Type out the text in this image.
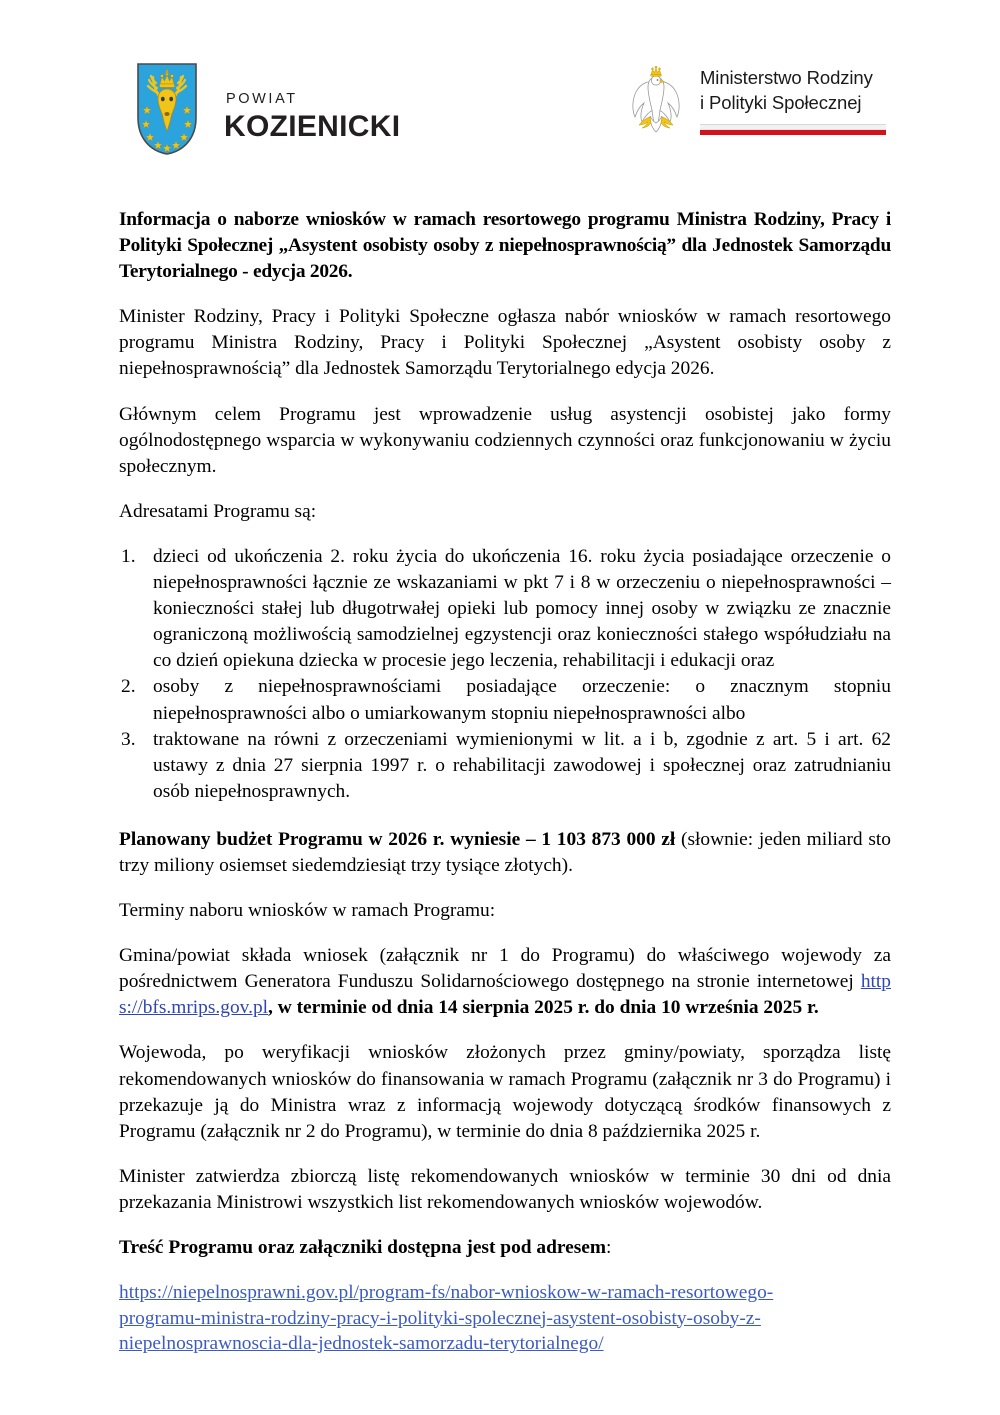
POWIAT
KOZIENICKI
Ministerstwo Rodziny
i Polityki Społecznej

Informacja o naborze wniosków w ramach resortowego programu Ministra Rodziny, Pracy i Polityki Społecznej „Asystent osobisty osoby z niepełnosprawnością” dla Jednostek Samorządu Terytorialnego - edycja 2026.

Minister Rodziny, Pracy i Polityki Społeczne ogłasza nabór wniosków w ramach resortowego programu Ministra Rodziny, Pracy i Polityki Społecznej „Asystent osobisty osoby z niepełnosprawnością” dla Jednostek Samorządu Terytorialnego edycja 2026.

Głównym celem Programu jest wprowadzenie usług asystencji osobistej jako formy ogólnodostępnego wsparcia w wykonywaniu codziennych czynności oraz funkcjonowaniu w życiu społecznym.

Adresatami Programu są:

dzieci od ukończenia 2. roku życia do ukończenia 16. roku życia posiadające orzeczenie o niepełnosprawności łącznie ze wskazaniami w pkt 7 i 8 w orzeczeniu o niepełnosprawności – konieczności stałej lub długotrwałej opieki lub pomocy innej osoby w związku ze znacznie ograniczoną możliwością samodzielnej egzystencji oraz konieczności stałego współudziału na co dzień opiekuna dziecka w procesie jego leczenia, rehabilitacji i edukacji oraz
osoby z niepełnosprawnościami posiadające orzeczenie: o znacznym stopniu niepełnosprawności albo o umiarkowanym stopniu niepełnosprawności albo
traktowane na równi z orzeczeniami wymienionymi w lit. a i b, zgodnie z art. 5 i art. 62 ustawy z dnia 27 sierpnia 1997 r. o rehabilitacji zawodowej i społecznej oraz zatrudnianiu osób niepełnosprawnych.

Planowany budżet Programu w 2026 r. wyniesie – 1 103 873 000 zł (słownie: jeden miliard sto trzy miliony osiemset siedemdziesiąt trzy tysiące złotych).

Terminy naboru wniosków w ramach Programu:

Gmina/powiat składa wniosek (załącznik nr 1 do Programu) do właściwego wojewody za pośrednictwem Generatora Funduszu Solidarnościowego dostępnego na stronie internetowej https://bfs.mrips.gov.pl, w terminie od dnia 14 sierpnia 2025 r. do dnia 10 września 2025 r.

Wojewoda, po weryfikacji wniosków złożonych przez gminy/powiaty, sporządza listę rekomendowanych wniosków do finansowania w ramach Programu (załącznik nr 3 do Programu) i przekazuje ją do Ministra wraz z informacją wojewody dotyczącą środków finansowych z Programu (załącznik nr 2 do Programu), w terminie do dnia 8 października 2025 r.

Minister zatwierdza zbiorczą listę rekomendowanych wniosków w terminie 30 dni od dnia przekazania Ministrowi wszystkich list rekomendowanych wniosków wojewodów.

Treść Programu oraz załączniki dostępna jest pod adresem:

https://niepelnosprawni.gov.pl/program-fs/nabor-wnioskow-w-ramach-resortowego-
programu-ministra-rodziny-pracy-i-polityki-spolecznej-asystent-osobisty-osoby-z-
niepelnosprawnoscia-dla-jednostek-samorzadu-terytorialnego/
